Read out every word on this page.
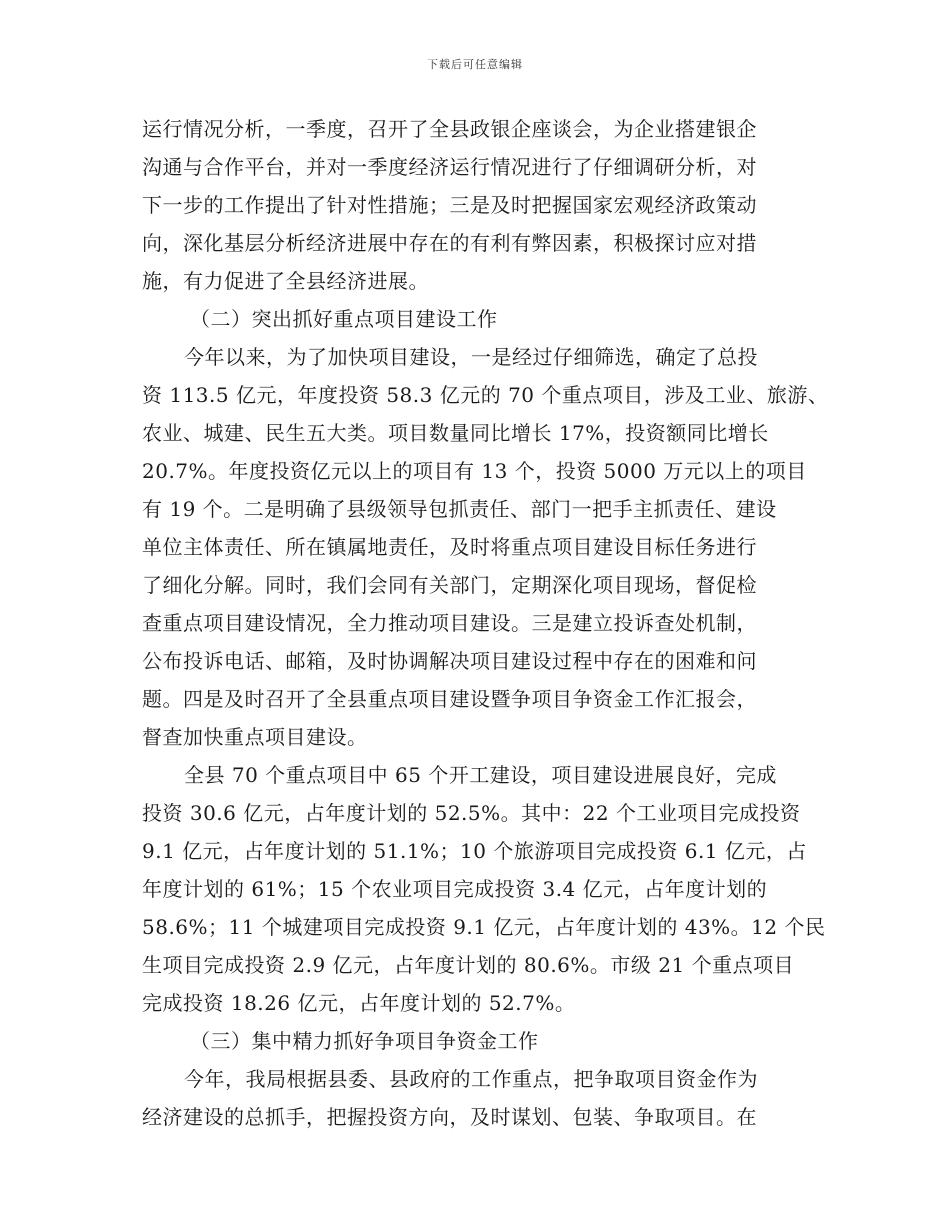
下载后可任意编辑
运行情况分析，一季度，召开了全县政银企座谈会，为企业搭建银企
沟通与合作平台，并对一季度经济运行情况进行了仔细调研分析，对
下一步的工作提出了针对性措施；三是及时把握国家宏观经济政策动
向，深化基层分析经济进展中存在的有利有弊因素，积极探讨应对措
施，有力促进了全县经济进展。
（二）突出抓好重点项目建设工作
今年以来，为了加快项目建设，一是经过仔细筛选，确定了总投
资 113.5 亿元，年度投资 58.3 亿元的 70 个重点项目，涉及工业、旅游、
农业、城建、民生五大类。项目数量同比增长 17%，投资额同比增长
20.7%。年度投资亿元以上的项目有 13 个，投资 5000 万元以上的项目
有 19 个。二是明确了县级领导包抓责任、部门一把手主抓责任、建设
单位主体责任、所在镇属地责任，及时将重点项目建设目标任务进行
了细化分解。同时，我们会同有关部门，定期深化项目现场，督促检
查重点项目建设情况，全力推动项目建设。三是建立投诉查处机制，
公布投诉电话、邮箱，及时协调解决项目建设过程中存在的困难和问
题。四是及时召开了全县重点项目建设暨争项目争资金工作汇报会，
督查加快重点项目建设。
全县 70 个重点项目中 65 个开工建设，项目建设进展良好，完成
投资 30.6 亿元，占年度计划的 52.5%。其中：22 个工业项目完成投资
9.1 亿元，占年度计划的 51.1%；10 个旅游项目完成投资 6.1 亿元，占
年度计划的 61%；15 个农业项目完成投资 3.4 亿元，占年度计划的
58.6%；11 个城建项目完成投资 9.1 亿元，占年度计划的 43%。12 个民
生项目完成投资 2.9 亿元，占年度计划的 80.6%。市级 21 个重点项目
完成投资 18.26 亿元，占年度计划的 52.7%。
（三）集中精力抓好争项目争资金工作
今年，我局根据县委、县政府的工作重点，把争取项目资金作为
经济建设的总抓手，把握投资方向，及时谋划、包装、争取项目。在
